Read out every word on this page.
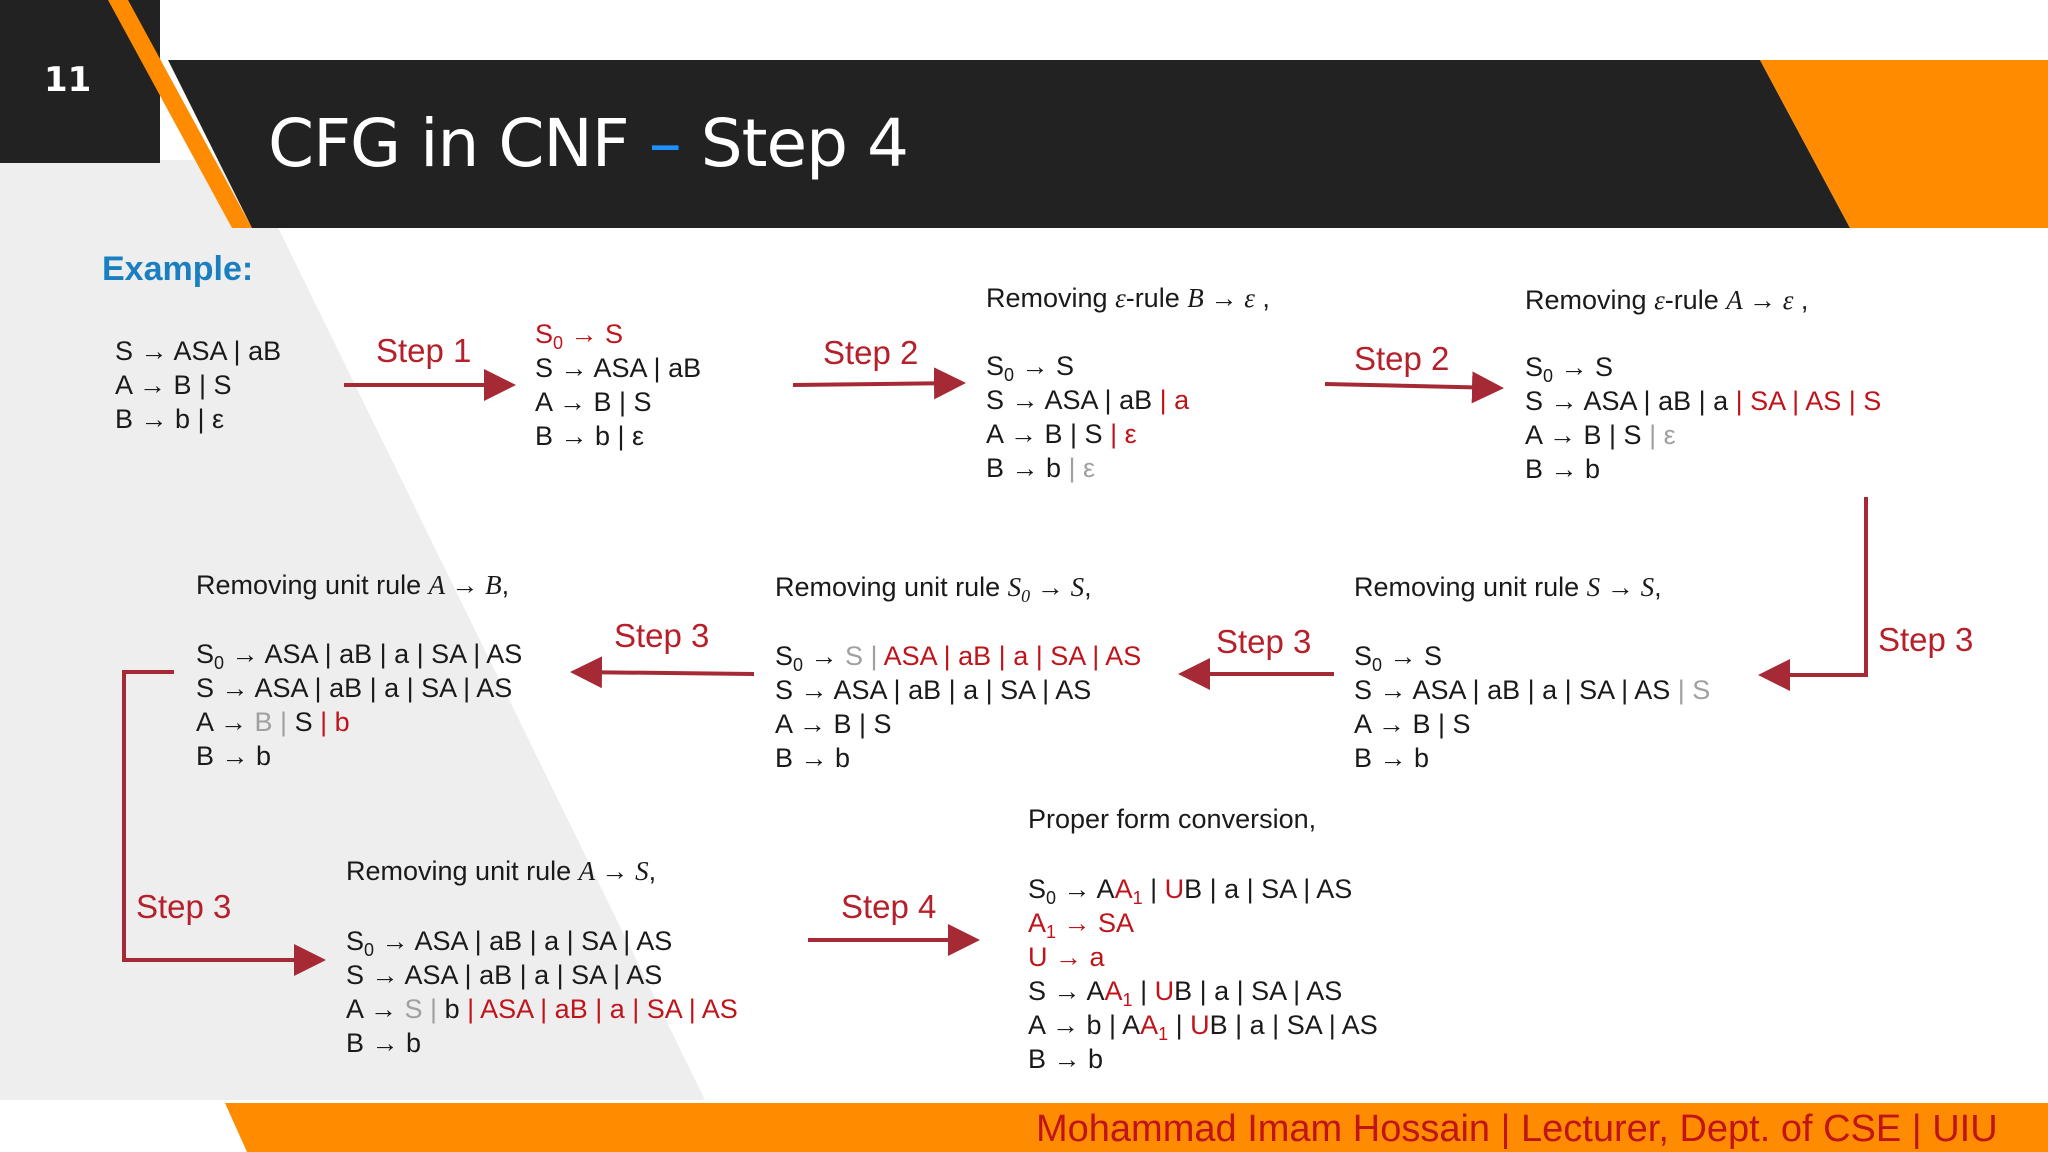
11
CFG in CNF – Step 4
Example:
Step 1	Step 2	Step 2
Step 3
Step 3
Step 3
Step 3	Step 4
S → ASA | aB
A → B | S
B → b | ε
$S_0 \to S$
S → ASA | aB
A → B | S
B → b | ε
Removing ε-rule B → ε ,
$S_0 \to S$
S → ASA | aB | a
A → B | S | ε
B → b | ε
Removing ε-rule A → ε ,
$S_0 \to S$
S → ASA | aB | a | SA | AS | S
A → B | S | ε
B → b
Removing unit rule S → S,
$S_0 \to S$
S → ASA | aB | a | SA | AS | S
A → B | S
B → b
Removing unit rule $S_0 \to S$,
$S_0 \to S$ | ASA | aB | a | SA | AS
S → ASA | aB | a | SA | AS
A → B | S
B → b
Removing unit rule A → B,
$S_0$ → ASA | aB | a | SA | AS
S → ASA | aB | a | SA | AS
A → B | S | b
B → b
Removing unit rule A → S,
$S_0$ → ASA | aB | a | SA | AS
S → ASA | aB | a | SA | AS
A → S | b | ASA | aB | a | SA | AS
B → b
Proper form conversion,
$S_0 \to AA_1$ | UB | a | SA | AS
$A_1$ → SA
U → a
$S \to AA_1$ | UB | a | SA | AS
A → b | $AA_1$ | UB | a | SA | AS
B → b
Mohammad Imam Hossain | Lecturer, Dept. of CSE | UIU
